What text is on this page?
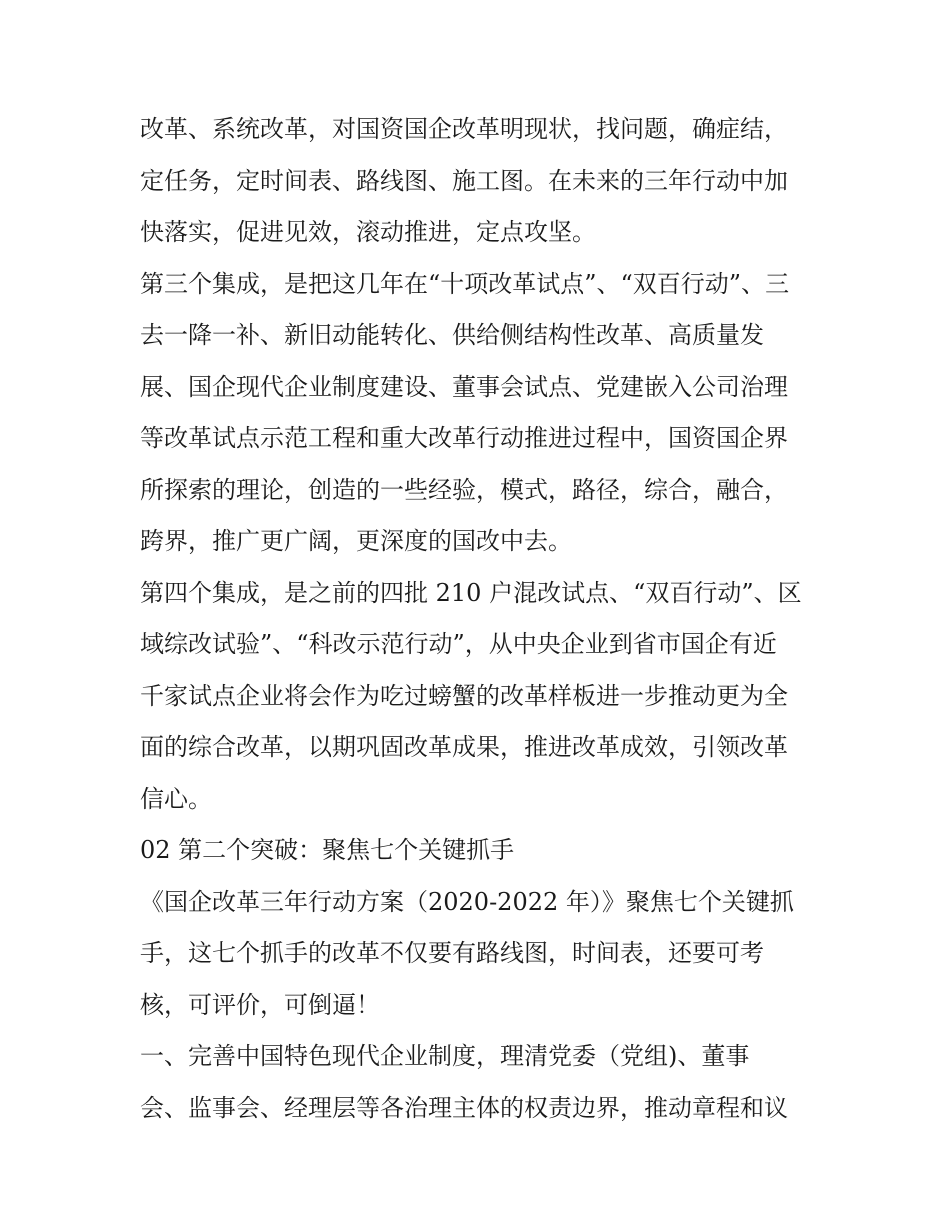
改革、系统改革，对国资国企改革明现状，找问题，确症结，
定任务，定时间表、路线图、施工图。在未来的三年行动中加
快落实，促进见效，滚动推进，定点攻坚。
第三个集成，是把这几年在“十项改革试点”、“双百行动”、三
去一降一补、新旧动能转化、供给侧结构性改革、高质量发
展、国企现代企业制度建设、董事会试点、党建嵌入公司治理
等改革试点示范工程和重大改革行动推进过程中，国资国企界
所探索的理论，创造的一些经验，模式，路径，综合，融合，
跨界，推广更广阔，更深度的国改中去。
第四个集成，是之前的四批 210 户混改试点、“双百行动”、区
域综改试验”、“科改示范行动”，从中央企业到省市国企有近
千家试点企业将会作为吃过螃蟹的改革样板进一步推动更为全
面的综合改革，以期巩固改革成果，推进改革成效，引领改革
信心。
02 第二个突破：聚焦七个关键抓手
《国企改革三年行动方案（2020-2022 年）》聚焦七个关键抓
手，这七个抓手的改革不仅要有路线图，时间表，还要可考
核，可评价，可倒逼！
一、完善中国特色现代企业制度，理清党委（党组)、董事
会、监事会、经理层等各治理主体的权责边界，推动章程和议
